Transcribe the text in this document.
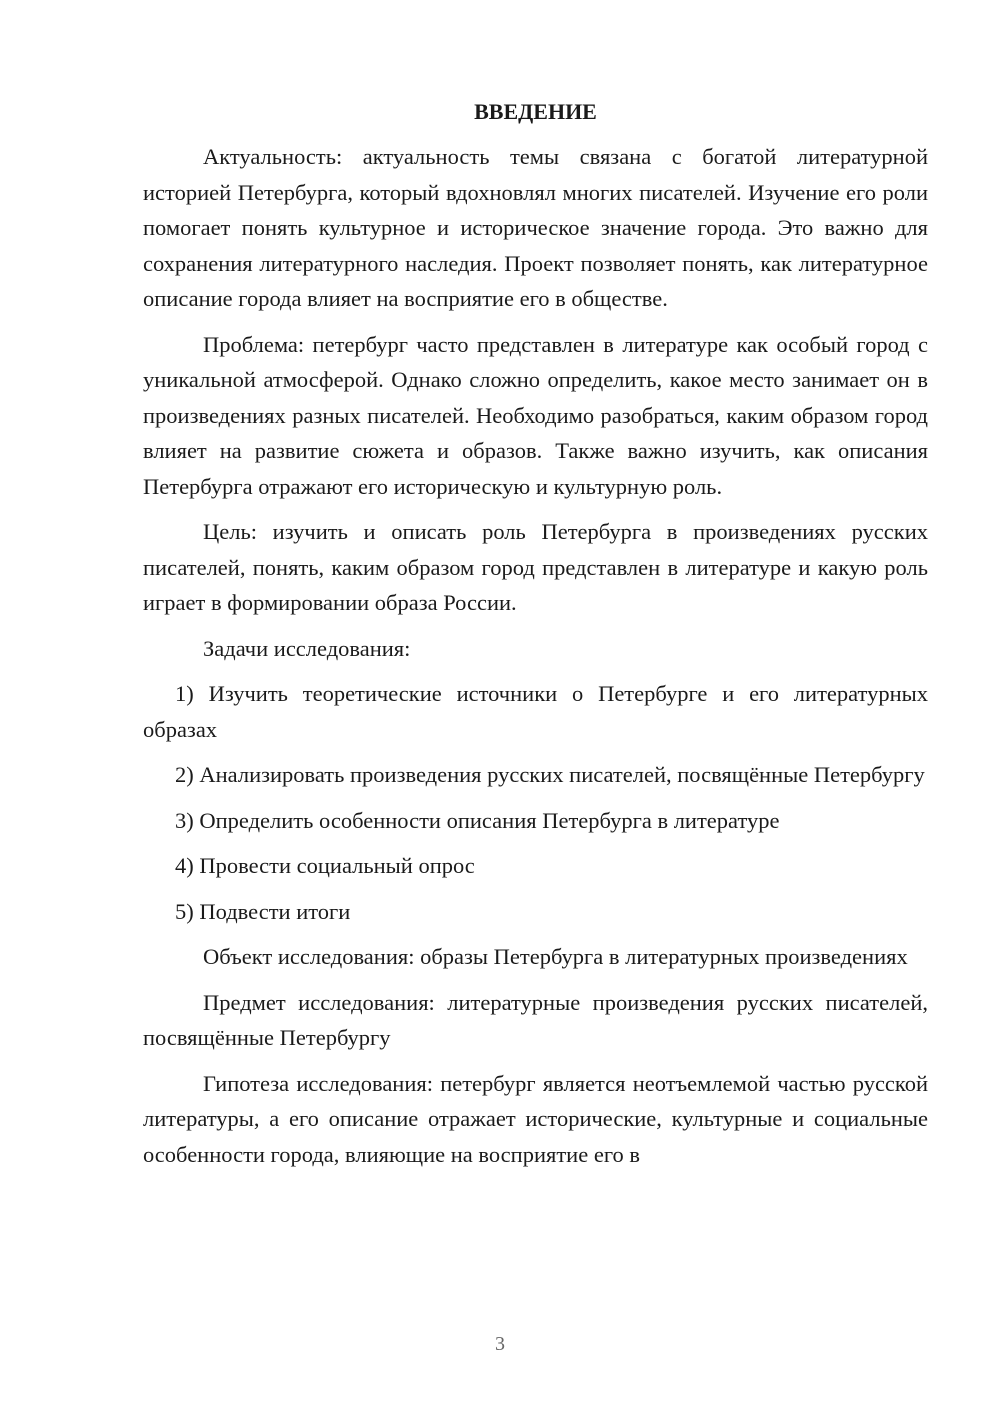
ВВЕДЕНИЕ

Актуальность: актуальность темы связана с богатой литературной историей Петербурга, который вдохновлял многих писателей. Изучение его роли помогает понять культурное и историческое значение города. Это важно для сохранения литературного наследия. Проект позволяет понять, как литературное описание города влияет на восприятие его в обществе.

Проблема: петербург часто представлен в литературе как особый город с уникальной атмосферой. Однако сложно определить, какое место занимает он в произведениях разных писателей. Необходимо разобраться, каким образом город влияет на развитие сюжета и образов. Также важно изучить, как описания Петербурга отражают его историческую и культурную роль.

Цель: изучить и описать роль Петербурга в произведениях русских писателей, понять, каким образом город представлен в литературе и какую роль играет в формировании образа России.

Задачи исследования:

1) Изучить теоретические источники о Петербурге и его литературных образах

2) Анализировать произведения русских писателей, посвящённые Петербургу

3) Определить особенности описания Петербурга в литературе

4) Провести социальный опрос

5) Подвести итоги

Объект исследования: образы Петербурга в литературных произведениях

Предмет исследования: литературные произведения русских писателей, посвящённые Петербургу

Гипотеза исследования: петербург является неотъемлемой частью русской литературы, а его описание отражает исторические, культурные и социальные особенности города, влияющие на восприятие его в

3
